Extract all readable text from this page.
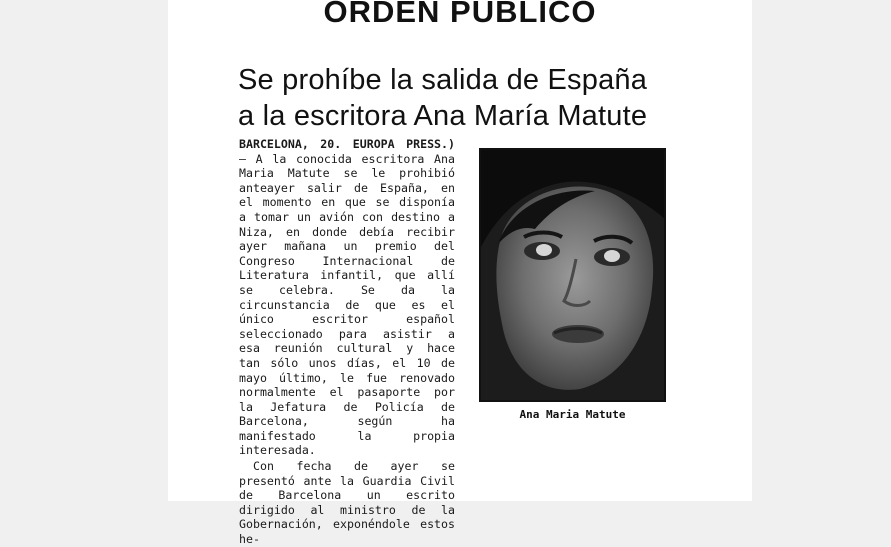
ORDEN PUBLICO
Se prohíbe la salida de España
a la escritora Ana María Matute

BARCELONA, 20. EUROPA PRESS.) – A la conocida escritora Ana Maria Matute se le prohibió anteayer salir de España, en el momento en que se disponía a tomar un avión con destino a Niza, en donde debía recibir ayer mañana un premio del Congreso Internacional de Literatura infantil, que allí se celebra. Se da la circunstancia de que es el único escritor español seleccionado para asistir a esa reunión cultural y hace tan sólo unos días, el 10 de mayo último, le fue renovado normalmente el pasaporte por la Jefatura de Policía de Barcelona, según ha manifestado la propia interesada.

Con fecha de ayer se presentó ante la Guardia Civil de Barcelona un escrito dirigido al ministro de la Gobernación, exponéndole estos he-

Ana Maria Matute
